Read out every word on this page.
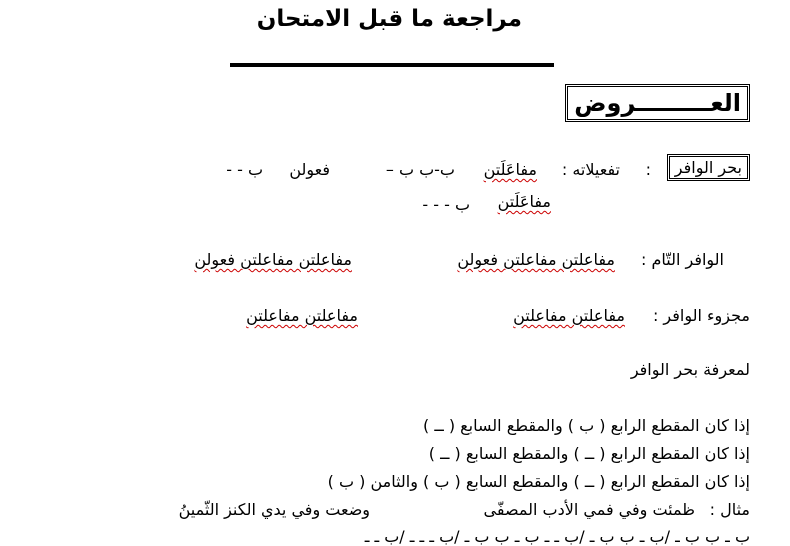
مراجعة ما قبل الامتحان
العـــــــــروض
بحر الوافر
:
تفعيلاته :
مفاعَلَتن
ب-ب ب –
فعولن
ب - -
مفاعَلَتن
ب - - -
الوافر التّام :
مفاعلتن مفاعلتن فعولن
مفاعلتن مفاعلتن فعولن
مجزوء الوافر :
مفاعلتن مفاعلتن
مفاعلتن مفاعلتن
لمعرفة بحر الوافر
إذا كان المقطع الرابع ( ب ) والمقطع السابع ( ــ )
إذا كان المقطع الرابع ( ــ ) والمقطع السابع ( ــ )
إذا كان المقطع الرابع ( ــ ) والمقطع السابع ( ب ) والثامن ( ب )
مثال :
ظمئت وفي فمي الأدب المصفّى
وضعت وفي يدي الكنز الثّمينُ
ب ـ ب ب ـ /ب ـ ب ب ـ /ب ـ ـ ب ـ ب ب ـ /ب ـ ـ ـ /ب ـ ـ
